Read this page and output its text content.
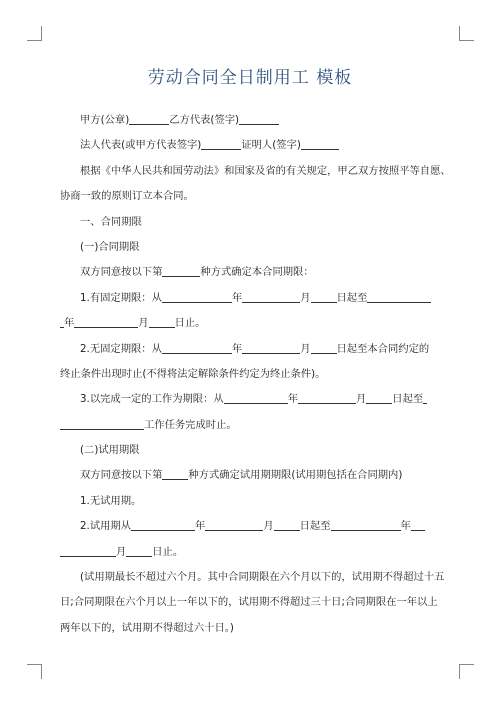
劳动合同全日制用工 模板
甲方(公章)	乙方代表(签字)
法人代表(或甲方代表签字)	证明人(签字)
根据《中华人民共和国劳动法》和国家及省的有关规定，甲乙双方按照平等自愿、
协商一致的原则订立本合同。
一、合同期限
(一)合同期限
双方同意按以下第	种方式确定本合同期限：
1.有固定期限：从	年	月	日起至
年	月	日止。
2.无固定期限：从	年	月	日起至本合同约定的
终止条件出现时止(不得将法定解除条件约定为终止条件)。
3.以完成一定的工作为期限：从	年	月	日起至
工作任务完成时止。
(二)试用期限
双方同意按以下第	种方式确定试用期期限(试用期包括在合同期内)
1.无试用期。
2.试用期从	年	月	日起至	年
月	日止。
(试用期最长不超过六个月。其中合同期限在六个月以下的，试用期不得超过十五
日;合同期限在六个月以上一年以下的，试用期不得超过三十日;合同期限在一年以上
两年以下的，试用期不得超过六十日。)
